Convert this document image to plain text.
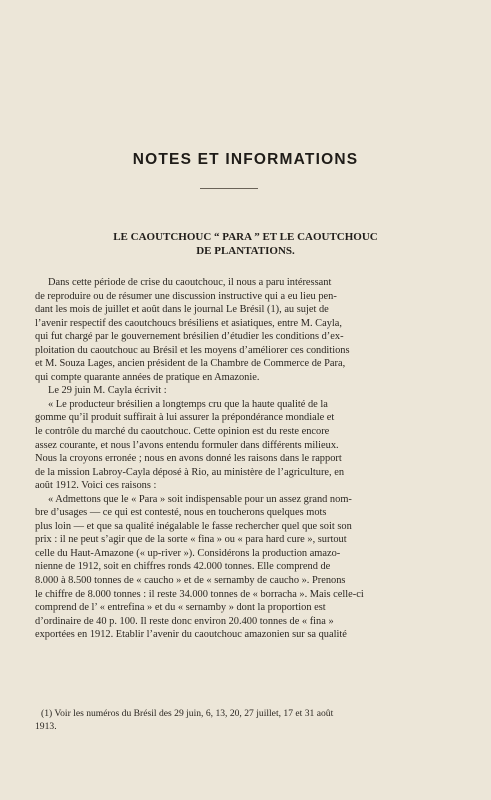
NOTES ET INFORMATIONS
LE CAOUTCHOUC “ PARA ” ET LE CAOUTCHOUC
DE PLANTATIONS.
Dans cette période de crise du caoutchouc, il nous a paru intéressant
de reproduire ou de résumer une discussion instructive qui a eu lieu pen-
dant les mois de juillet et août dans le journal Le Brésil (1), au sujet de
l’avenir respectif des caoutchoucs brésiliens et asiatiques, entre M. Cayla,
qui fut chargé par le gouvernement brésilien d’étudier les conditions d’ex-
ploitation du caoutchouc au Brésil et les moyens d’améliorer ces conditions
et M. Souza Lages, ancien président de la Chambre de Commerce de Para,
qui compte quarante années de pratique en Amazonie.
Le 29 juin M. Cayla écrivit :
« Le producteur brésilien a longtemps cru que la haute qualité de la
gomme qu’il produit suffirait à lui assurer la prépondérance mondiale et
le contrôle du marché du caoutchouc. Cette opinion est du reste encore
assez courante, et nous l’avons entendu formuler dans différents milieux.
Nous la croyons erronée ; nous en avons donné les raisons dans le rapport
de la mission Labroy-Cayla déposé à Rio, au ministère de l’agriculture, en
août 1912. Voici ces raisons :
« Admettons que le « Para » soit indispensable pour un assez grand nom-
bre d’usages — ce qui est contesté, nous en toucherons quelques mots
plus loin — et que sa qualité inégalable le fasse rechercher quel que soit son
prix : il ne peut s’agir que de la sorte « fina » ou « para hard cure », surtout
celle du Haut-Amazone (« up-river »). Considérons la production amazo-
nienne de 1912, soit en chiffres ronds 42.000 tonnes. Elle comprend de
8.000 à 8.500 tonnes de « caucho » et de « sernamby de caucho ». Prenons
le chiffre de 8.000 tonnes : il reste 34.000 tonnes de « borracha ». Mais celle-ci
comprend de l’ « entrefina » et du « sernamby » dont la proportion est
d’ordinaire de 40 p. 100. Il reste donc environ 20.400 tonnes de « fina »
exportées en 1912. Etablir l’avenir du caoutchouc amazonien sur sa qualité
(1) Voir les numéros du Brésil des 29 juin, 6, 13, 20, 27 juillet, 17 et 31 août
1913.
